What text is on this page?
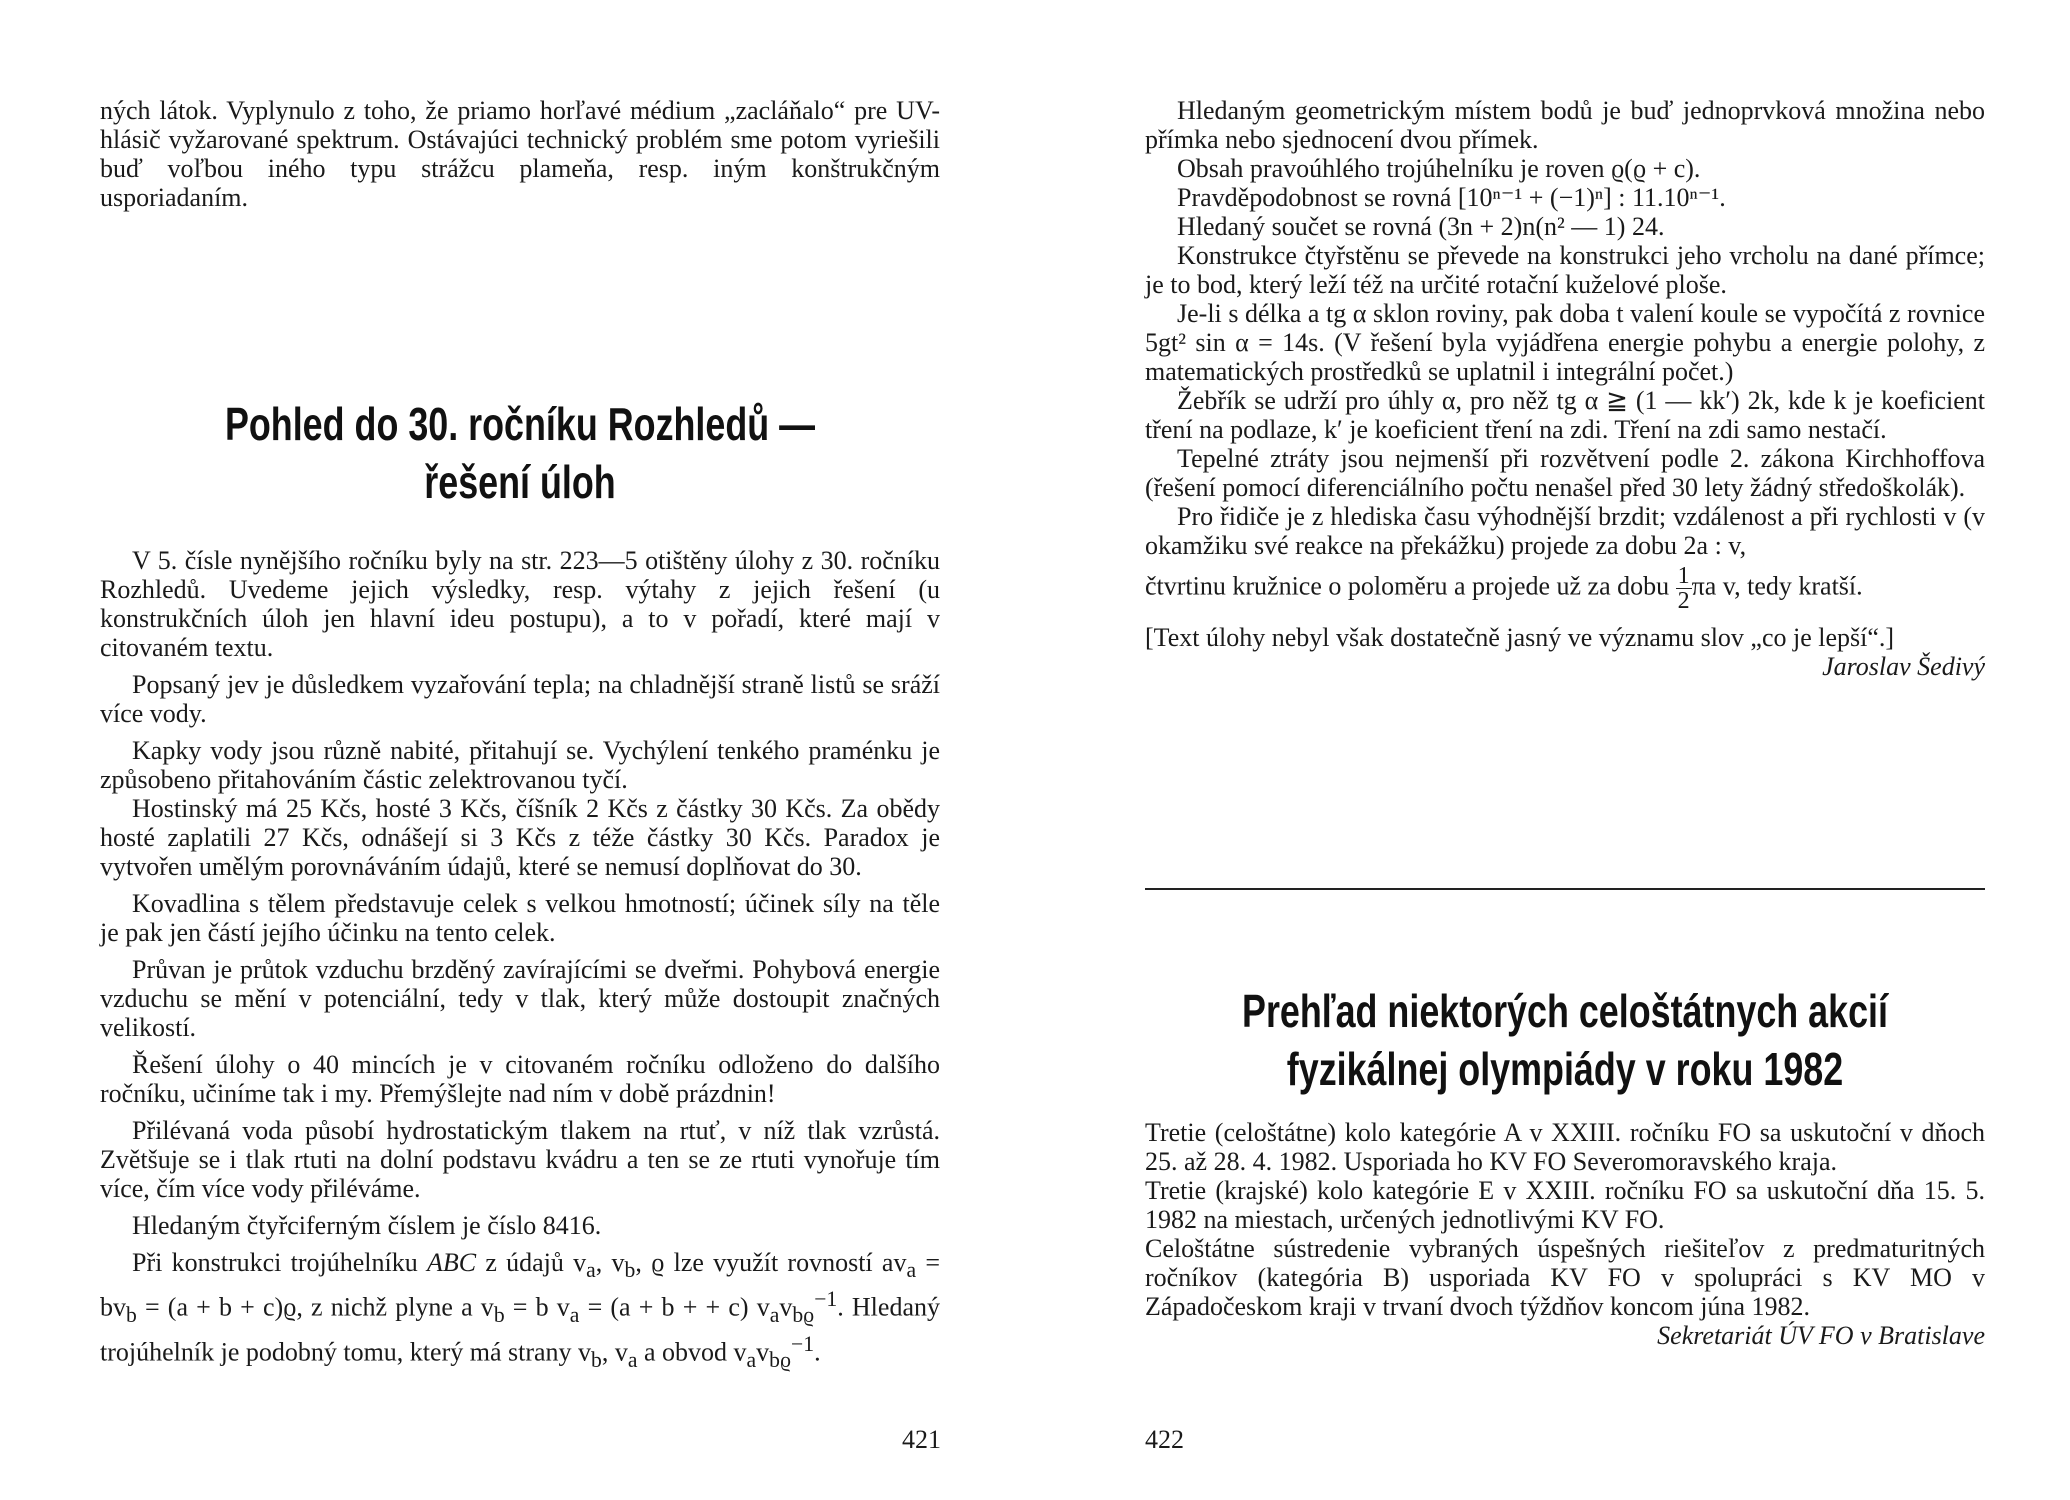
ných látok. Vyplynulo z toho, že priamo horľavé médium „zacláňalo“ pre UV-hlásič vyžarované spektrum. Ostávajúci technický problém sme potom vyriešili buď voľbou iného typu strážcu plameňa, resp. iným konštrukčným usporiadaním.

Pohled do 30. ročníku Rozhledů —
řešení úloh

V 5. čísle nynějšího ročníku byly na str. 223—5 otištěny úlohy z 30. ročníku Rozhledů. Uvedeme jejich výsledky, resp. výtahy z jejich řešení (u konstrukčních úloh jen hlavní ideu postupu), a to v pořadí, které mají v citovaném textu.

Popsaný jev je důsledkem vyzařování tepla; na chladnější straně listů se sráží více vody.

Kapky vody jsou různě nabité, přitahují se. Vychýlení tenkého praménku je způsobeno přitahováním částic zelektrovanou tyčí.

Hostinský má 25 Kčs, hosté 3 Kčs, číšník 2 Kčs z částky 30 Kčs. Za obědy hosté zaplatili 27 Kčs, odnášejí si 3 Kčs z téže částky 30 Kčs. Paradox je vytvořen umělým porovnáváním údajů, které se nemusí doplňovat do 30.

Kovadlina s tělem představuje celek s velkou hmotností; účinek síly na těle je pak jen částí jejího účinku na tento celek.

Průvan je průtok vzduchu brzděný zavírajícími se dveřmi. Pohybová energie vzduchu se mění v potenciální, tedy v tlak, který může dostoupit značných velikostí.

Řešení úlohy o 40 mincích je v citovaném ročníku odloženo do dalšího ročníku, učiníme tak i my. Přemýšlejte nad ním v době prázdnin!

Přilévaná voda působí hydrostatickým tlakem na rtuť, v níž tlak vzrůstá. Zvětšuje se i tlak rtuti na dolní podstavu kvádru a ten se ze rtuti vynořuje tím více, čím více vody přiléváme.

Hledaným čtyřciferným číslem je číslo 8416.

Při konstrukci trojúhelníku ABC z údajů $v_a$, $v_b$, ϱ lze využít rovností $av_a = bv_b = (a + b + c)ϱ$, z nichž plyne a $v_b = b$ $v_a = (a + b$ + + c) $v_av_{bϱ}^{-1}$. Hledaný trojúhelník je podobný tomu, který má strany $v_b$, $v_a$ a obvod $v_av_{bϱ}^{-1}$.

421

Hledaným geometrickým místem bodů je buď jednoprvková množina nebo přímka nebo sjednocení dvou přímek.

Obsah pravoúhlého trojúhelníku je roven ϱ(ϱ + c).

Pravděpodobnost se rovná [10ⁿ⁻¹ + (−1)ⁿ] : 11.10ⁿ⁻¹.

Hledaný součet se rovná (3n + 2)n(n² — 1) 24.

Konstrukce čtyřstěnu se převede na konstrukci jeho vrcholu na dané přímce; je to bod, který leží též na určité rotační kuželové ploše.

Je-li s délka a tg α sklon roviny, pak doba t valení koule se vypočítá z rovnice 5gt² sin α = 14s. (V řešení byla vyjádřena energie pohybu a energie polohy, z matematických prostředků se uplatnil i integrální počet.)

Žebřík se udrží pro úhly α, pro něž tg α ≧ (1 — kk′) 2k, kde k je koeficient tření na podlaze, k′ je koeficient tření na zdi. Tření na zdi samo nestačí.

Tepelné ztráty jsou nejmenší při rozvětvení podle 2. zákona Kirchhoffova (řešení pomocí diferenciálního počtu nenašel před 30 lety žádný středoškolák).

Pro řidiče je z hlediska času výhodnější brzdit; vzdálenost a při rychlosti v (v okamžiku své reakce na překážku) projede za dobu 2a : v,

čtvrtinu kružnice o poloměru a projede už za dobu $\frac{1}{2}$ πa v, tedy kratší.

[Text úlohy nebyl však dostatečně jasný ve významu slov „co je lepší“.]

Jaroslav Šedivý

Prehľad niektorých celoštátnych akcií
fyzikálnej olympiády v roku 1982

Tretie (celoštátne) kolo kategórie A v XXIII. ročníku FO sa uskutoční v dňoch 25. až 28. 4. 1982. Usporiada ho KV FO Severomoravského kraja.

Tretie (krajské) kolo kategórie E v XXIII. ročníku FO sa uskutoční dňa 15. 5. 1982 na miestach, určených jednotlivými KV FO.

Celoštátne sústredenie vybraných úspešných riešiteľov z predmaturitných ročníkov (kategória B) usporiada KV FO v spolupráci s KV MO v Západočeskom kraji v trvaní dvoch týždňov koncom júna 1982.

Sekretariát ÚV FO v Bratislave

422
